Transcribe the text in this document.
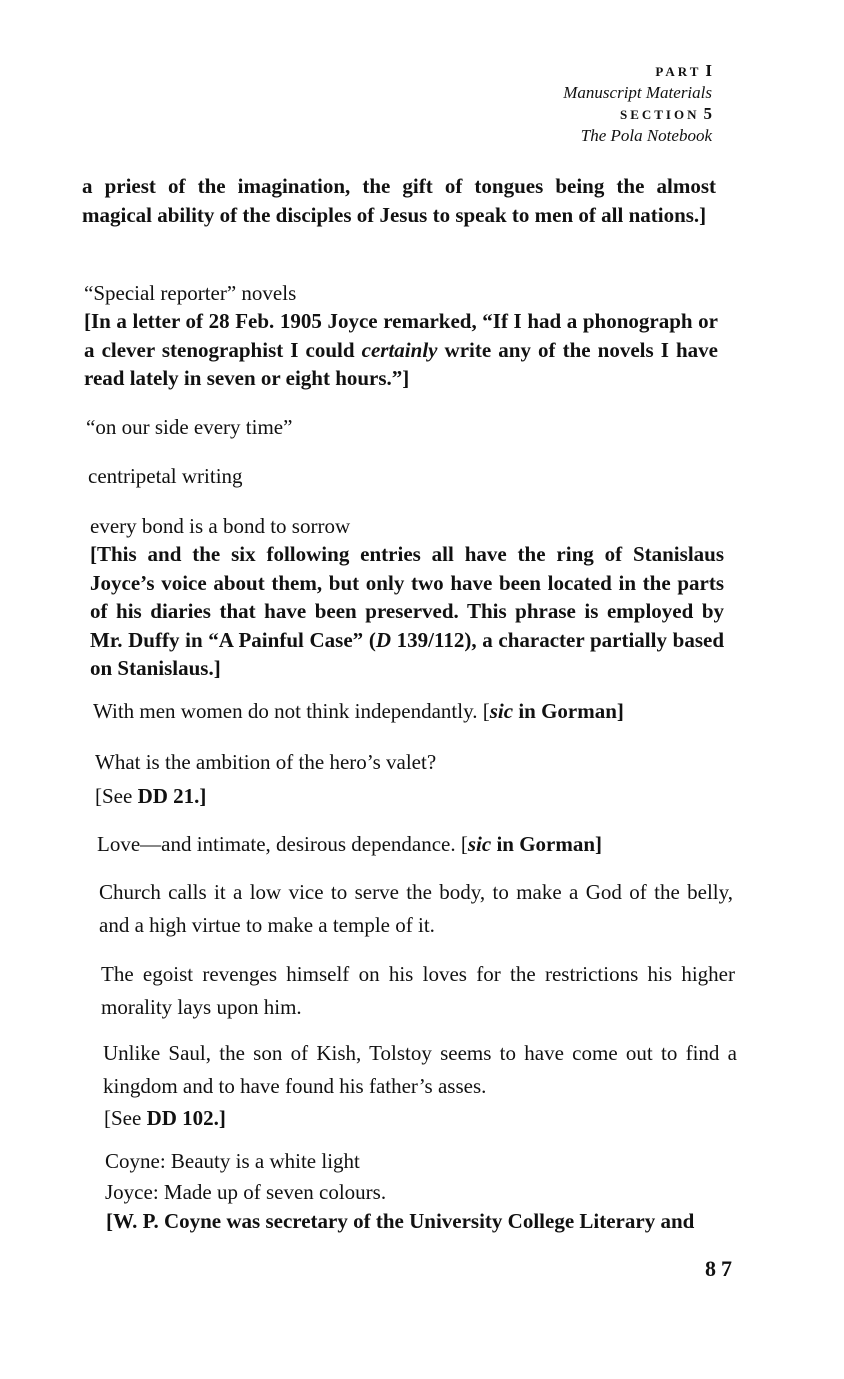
PART I
Manuscript Materials
SECTION 5
The Pola Notebook

a priest of the imagination, the gift of tongues being the almost magical ability of the disciples of Jesus to speak to men of all nations.]

“Special reporter” novels

[In a letter of 28 Feb. 1905 Joyce remarked, “If I had a phonograph or a clever stenographist I could certainly write any of the novels I have read lately in seven or eight hours.”]

“on our side every time”

centripetal writing

every bond is a bond to sorrow

[This and the six following entries all have the ring of Stanislaus Joyce’s voice about them, but only two have been located in the parts of his diaries that have been preserved. This phrase is employed by Mr. Duffy in “A Painful Case” (D 139/112), a character partially based on Stanislaus.]

With men women do not think independantly. [sic in Gorman]

What is the ambition of the hero’s valet?

[See DD 21.]

Love—and intimate, desirous dependance. [sic in Gorman]

Church calls it a low vice to serve the body, to make a God of the belly, and a high virtue to make a temple of it.

The egoist revenges himself on his loves for the restrictions his higher morality lays upon him.

Unlike Saul, the son of Kish, Tolstoy seems to have come out to find a kingdom and to have found his father’s asses.

[See DD 102.]

Coyne: Beauty is a white light

Joyce: Made up of seven colours.

[W. P. Coyne was secretary of the University College Literary and

87
